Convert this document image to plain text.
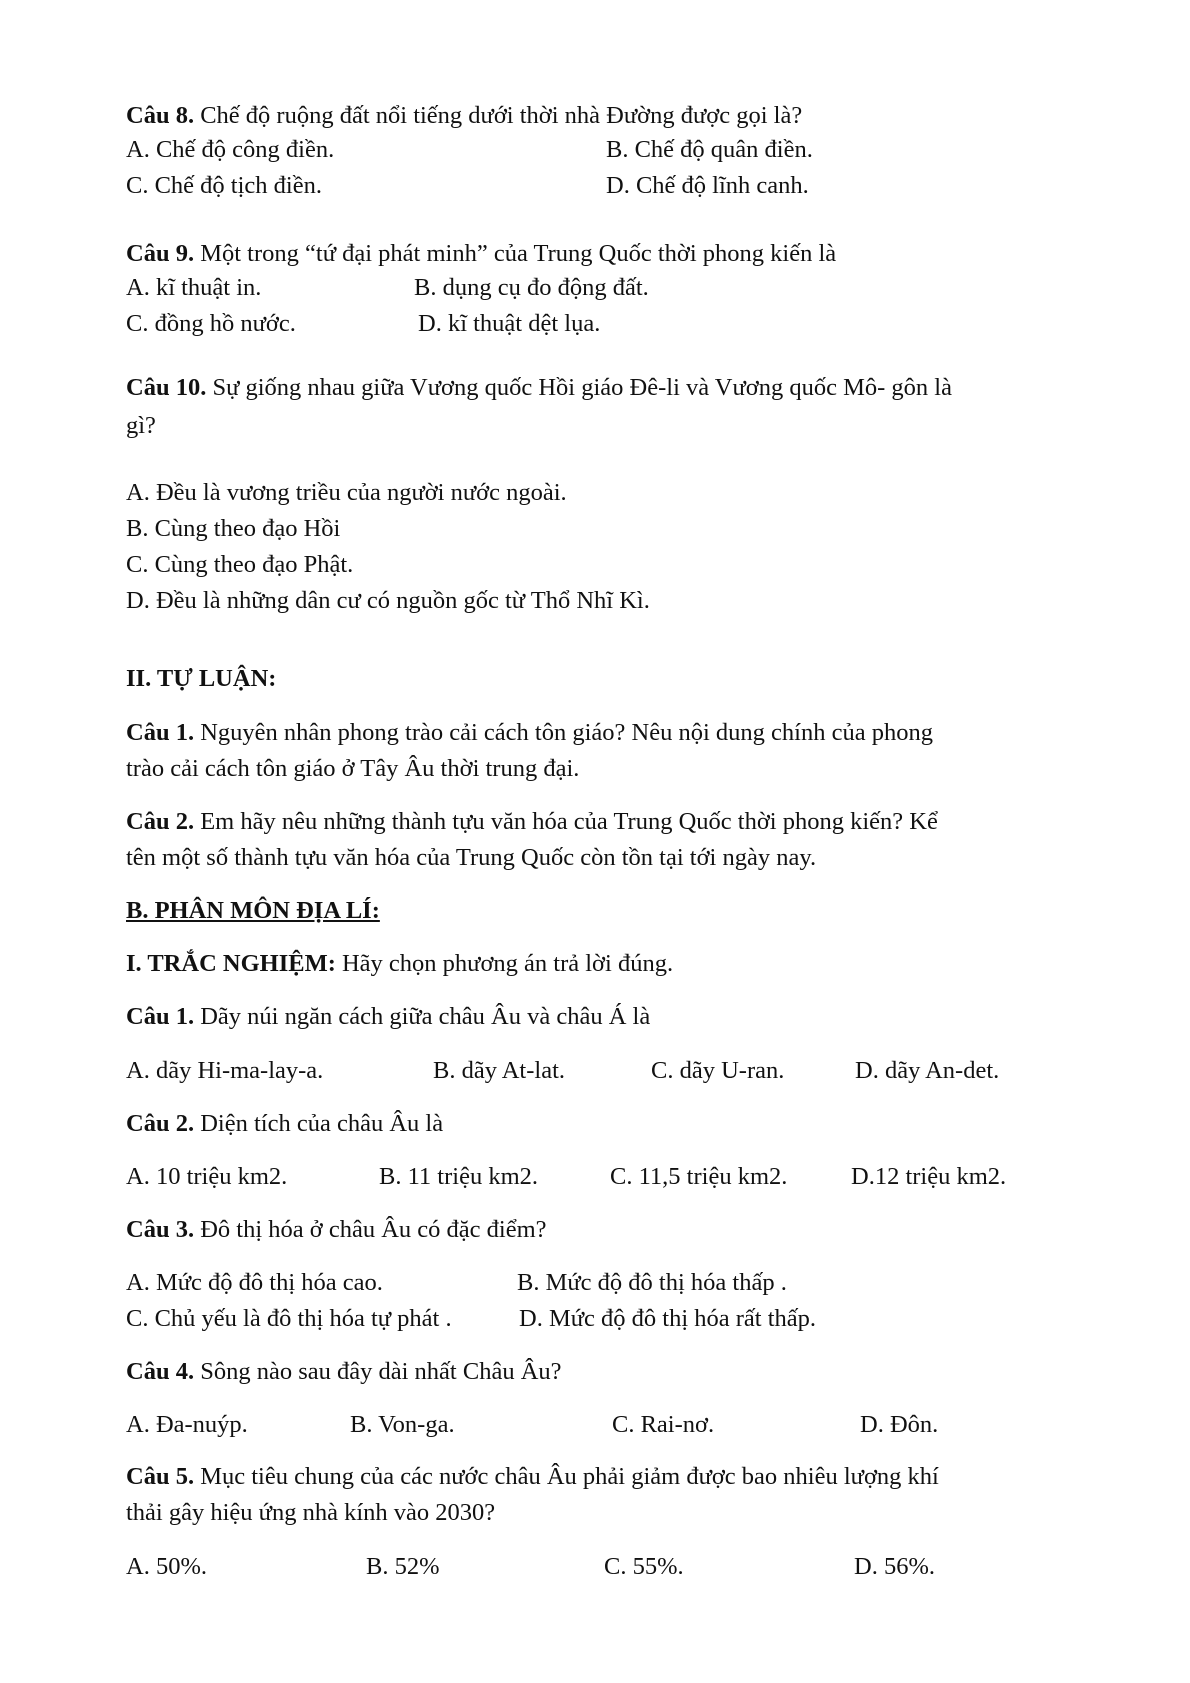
Câu 8. Chế độ ruộng đất nổi tiếng dưới thời nhà Đường được gọi là?
A. Chế độ công điền.	B. Chế độ quân điền.
C. Chế độ tịch điền.	D. Chế độ lĩnh canh.
Câu 9. Một trong “tứ đại phát minh” của Trung Quốc thời phong kiến là
A. kĩ thuật in.	B. dụng cụ đo động đất.
C. đồng hồ nước.	D. kĩ thuật dệt lụa.
Câu 10. Sự giống nhau giữa Vương quốc Hồi giáo Đê-li và Vương quốc Mô- gôn là
gì?
A. Đều là vương triều của người nước ngoài.
B. Cùng theo đạo Hồi
C. Cùng theo đạo Phật.
D. Đều là những dân cư có nguồn gốc từ Thổ Nhĩ Kì.
II. TỰ LUẬN:
Câu 1. Nguyên nhân phong trào cải cách tôn giáo? Nêu nội dung chính của phong
trào cải cách tôn giáo ở Tây Âu thời trung đại.
Câu 2. Em hãy nêu những thành tựu văn hóa của Trung Quốc thời phong kiến? Kể
tên một số thành tựu văn hóa của Trung Quốc còn tồn tại tới ngày nay.
B. PHÂN MÔN ĐỊA LÍ:
I. TRẮC NGHIỆM: Hãy chọn phương án trả lời đúng.
Câu 1. Dãy núi ngăn cách giữa châu Âu và châu Á là
A. dãy Hi-ma-lay-a.	B. dãy At-lat.	C. dãy U-ran.	D. dãy An-det.
Câu 2. Diện tích của châu Âu là
A. 10 triệu km2.	B. 11 triệu km2.	C. 11,5 triệu km2.	D.12 triệu km2.
Câu 3. Đô thị hóa ở châu Âu có đặc điểm?
A. Mức độ đô thị hóa cao.	B. Mức độ đô thị hóa thấp .
C. Chủ yếu là đô thị hóa tự phát .	D. Mức độ đô thị hóa rất thấp.
Câu 4. Sông nào sau đây dài nhất Châu Âu?
A. Đa-nuýp.	B. Von-ga.	C. Rai-nơ.	D. Đôn.
Câu 5. Mục tiêu chung của các nước châu Âu phải giảm được bao nhiêu lượng khí
thải gây hiệu ứng nhà kính vào 2030?
A. 50%.	B. 52%	C. 55%.	D. 56%.
